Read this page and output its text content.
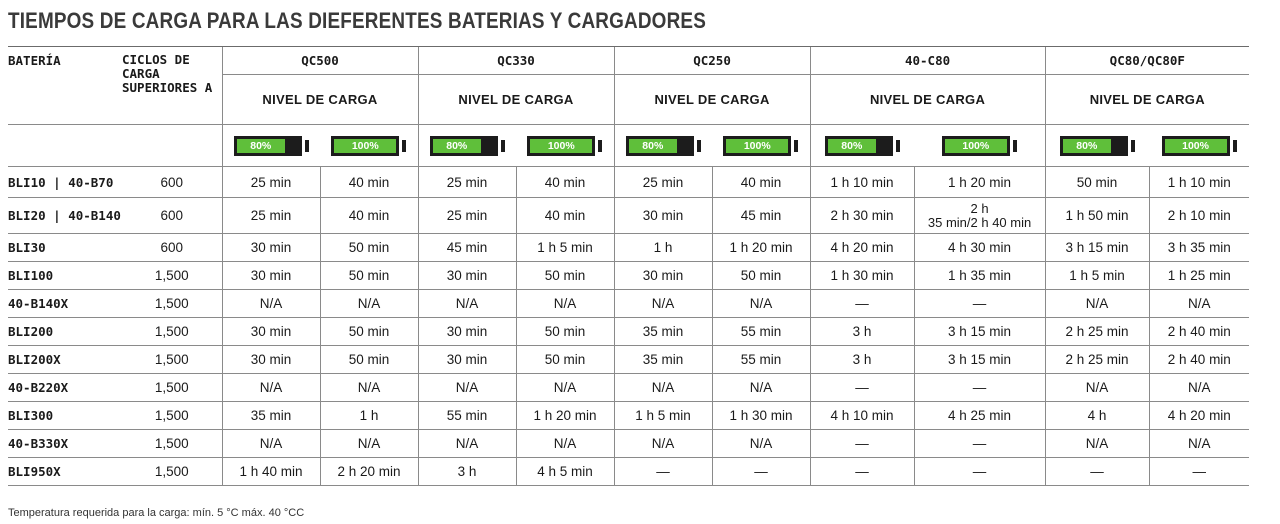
TIEMPOS DE CARGA PARA LAS DIEFERENTES BATERIAS Y CARGADORES
BATERÍA	CICLOS DE CARGA SUPERIORES A	QC500		QC330		QC250		40-C80		QC80/QC80F	
		NIVEL DE CARGA		NIVEL DE CARGA		NIVEL DE CARGA		NIVEL DE CARGA		NIVEL DE CARGA	

80%	100%	80%	100%	80%	100%	80%	100%	80%	100%

BLI10 | 40-B70	600	25 min	40 min	25 min	40 min	25 min	40 min	1 h 10 min	1 h 20 min	50 min	1 h 10 min
BLI20 | 40-B140	600	25 min	40 min	25 min	40 min	30 min	45 min	2 h 30 min	2 h
35 min/2 h 40 min	1 h 50 min	2 h 10 min
BLI30	600	30 min	50 min	45 min	1 h 5 min	1 h	1 h 20 min	4 h 20 min	4 h 30 min	3 h 15 min	3 h 35 min
BLI100	1,500	30 min	50 min	30 min	50 min	30 min	50 min	1 h 30 min	1 h 35 min	1 h 5 min	1 h 25 min
40-B140X	1,500	N/A	N/A	N/A	N/A	N/A	N/A	—	—	N/A	N/A
BLI200	1,500	30 min	50 min	30 min	50 min	35 min	55 min	3 h	3 h 15 min	2 h 25 min	2 h 40 min
BLI200X	1,500	30 min	50 min	30 min	50 min	35 min	55 min	3 h	3 h 15 min	2 h 25 min	2 h 40 min
40-B220X	1,500	N/A	N/A	N/A	N/A	N/A	N/A	—	—	N/A	N/A
BLI300	1,500	35 min	1 h	55 min	1 h 20 min	1 h 5 min	1 h 30 min	4 h 10 min	4 h 25 min	4 h	4 h 20 min
40-B330X	1,500	N/A	N/A	N/A	N/A	N/A	N/A	—	—	N/A	N/A
BLI950X	1,500	1 h 40 min	2 h 20 min	3 h	4 h 5 min	—	—	—	—	—	—
Temperatura requerida para la carga: mín. 5 °C máx. 40 °CC
